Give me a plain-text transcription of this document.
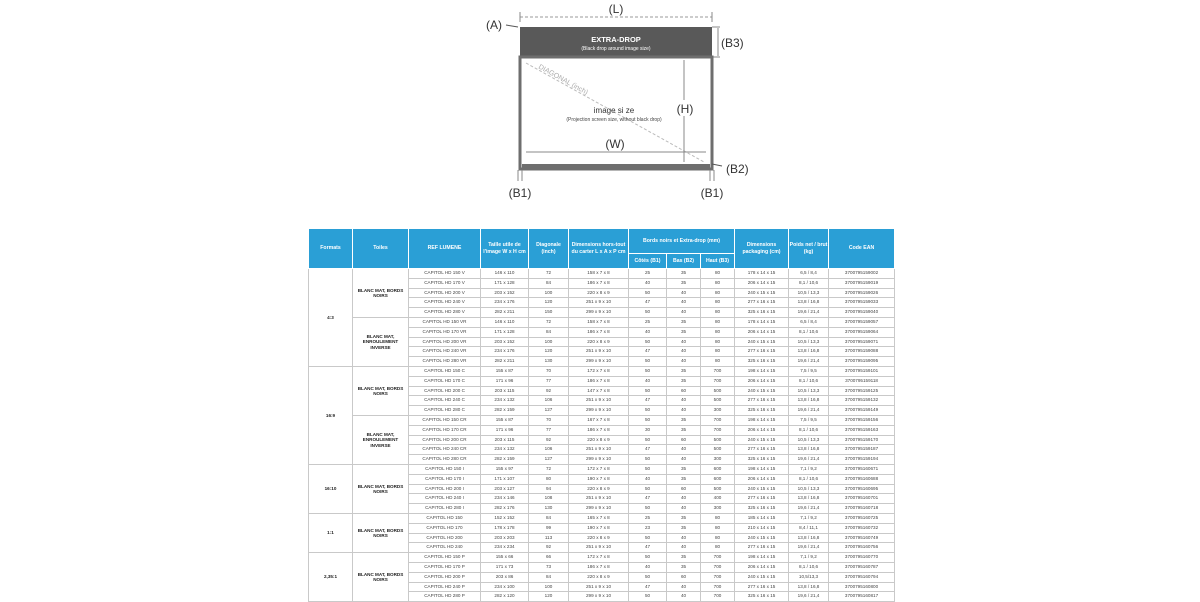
(L)
(A)
EXTRA-DROP
(Black drop around image size)	(B3)
DIAGONAL (inch)
image si ze
(Projection screen size, without black drop)
(H)
(W)
(B2)
(B1)	(B1)
Formats	Toiles	REF LUMENE	Taille utile de l'image W x H cm	Diagonale (inch)	Dimensions hors-tout du carter L x A x P cm	Bords noirs et Extra-drop (mm)			Dimensions packaging (cm)	Poids net / brut (kg)	Code EAN
						Côtés (B1)	Bas (B2)	Haut (B3)			
4:3	BLANC MAT, BORDS NOIRS	CAPITOL HD 150 V	146 x 110	72	158 x 7 x 8	25	35	80	178 x 14 x 15	6,5 / 8,4	3700795159002
		CAPITOL HD 170 V	171 x 128	84	186 x 7 x 8	40	35	80	206 x 14 x 15	8,1 / 10,6	3700795159019
		CAPITOL HD 200 V	203 x 152	100	220 x 8 x 9	50	40	80	240 x 15 x 15	10,5 / 13,3	3700795159026
		CAPITOL HD 240 V	234 x 176	120	251 x 9 x 10	47	40	80	277 x 16 x 15	13,8 / 16,8	3700795159033
		CAPITOL HD 280 V	282 x 211	150	299 x 9 x 10	50	40	80	325 x 16 x 15	19,6 / 21,4	3700795159040
	BLANC MAT, ENROULEMENT INVERSE	CAPITOL HD 150 VR	146 x 110	72	158 x 7 x 8	25	35	80	178 x 14 x 15	6,5 / 8,4	3700795159057
		CAPITOL HD 170 VR	171 x 128	84	186 x 7 x 8	40	35	80	206 x 14 x 15	8,1 / 10,6	3700795159064
		CAPITOL HD 200 VR	203 x 152	100	220 x 8 x 9	50	40	80	240 x 15 x 15	10,5 / 13,3	3700795159071
		CAPITOL HD 240 VR	234 x 176	120	251 x 9 x 10	47	40	80	277 x 16 x 15	13,8 / 16,8	3700795159088
		CAPITOL HD 280 VR	282 x 211	130	299 x 9 x 10	50	40	80	325 x 16 x 15	19,6 / 21,4	3700795159095
16:9	BLANC MAT, BORDS NOIRS	CAPITOL HD 150 C	155 x 87	70	172 x 7 x 8	50	35	700	198 x 14 x 15	7,5 / 9,5	3700795159101
		CAPITOL HD 170 C	171 x 96	77	186 x 7 x 8	40	35	700	206 x 14 x 15	8,1 / 10,6	3700795159118
		CAPITOL HD 200 C	203 x 115	92	147 x 7 x 8	50	60	500	240 x 15 x 15	10,5 / 13,3	3700795159125
		CAPITOL HD 240 C	234 x 132	106	251 x 9 x 10	47	40	500	277 x 16 x 15	13,8 / 16,8	3700795159132
		CAPITOL HD 280 C	282 x 159	127	299 x 9 x 10	50	40	300	325 x 16 x 15	19,6 / 21,4	3700795159149
	BLANC MAT, ENROULEMENT INVERSE	CAPITOL HD 150 CR	155 x 87	70	167 x 7 x 8	50	35	700	198 x 14 x 15	7,5 / 9,5	3700795159156
		CAPITOL HD 170 CR	171 x 96	77	186 x 7 x 8	30	35	700	206 x 14 x 15	8,1 / 10,6	3700795159163
		CAPITOL HD 200 CR	203 x 115	92	220 x 8 x 9	50	60	500	240 x 15 x 15	10,5 / 13,3	3700795159170
		CAPITOL HD 240 CR	234 x 132	106	251 x 9 x 10	47	40	500	277 x 16 x 15	13,8 / 16,8	3700795159187
		CAPITOL HD 280 CR	282 x 159	127	299 x 9 x 10	50	40	300	325 x 16 x 15	19,6 / 21,4	3700795159194
16:10	BLANC MAT, BORDS NOIRS	CAPITOL HD 150 I	155 x 97	72	172 x 7 x 8	50	35	600	198 x 14 x 15	7,1 / 9,2	3700795160671
		CAPITOL HD 170 I	171 x 107	80	190 x 7 x 8	40	35	600	206 x 14 x 15	8,1 / 10,6	3700795160688
		CAPITOL HD 200 I	203 x 127	94	220 x 8 x 9	50	60	500	240 x 15 x 15	10,5 / 13,3	3700795160695
		CAPITOL HD 240 I	234 x 146	108	251 x 9 x 10	47	40	400	277 x 16 x 15	13,8 / 16,8	3700795160701
		CAPITOL HD 280 I	282 x 176	130	299 x 9 x 10	50	40	300	325 x 16 x 15	19,6 / 21,4	3700795160718
1:1	BLANC MAT, BORDS NOIRS	CAPITOL HD 150	152 x 152	84	165 x 7 x 8	25	35	80	185 x 14 x 15	7,1 / 9,2	3700795160725
		CAPITOL HD 170	178 x 178	99	190 x 7 x 8	23	35	80	210 x 14 x 15	8,4 / 11,1	3700795160732
		CAPITOL HD 200	203 x 203	113	220 x 8 x 9	50	40	80	240 x 15 x 15	13,8 / 16,8	3700795160749
		CAPITOL HD 240	234 x 234	92	251 x 9 x 10	47	40	80	277 x 16 x 15	19,6 / 21,4	3700795160756
2,35:1	BLANC MAT, BORDS NOIRS	CAPITOL HD 150 P	155 x 66	66	172 x 7 x 8	50	35	700	198 x 14 x 15	7,1 / 9,2	3700795160770
		CAPITOL HD 170 P	171 x 73	73	186 x 7 x 8	40	35	700	206 x 14 x 15	8,1 / 10,6	3700795160787
		CAPITOL HD 200 P	203 x 86	84	220 x 8 x 9	50	60	700	240 x 15 x 15	10,5/13,3	3700795160794
		CAPITOL HD 240 P	234 x 100	100	251 x 9 x 10	47	40	700	277 x 16 x 15	13,8 / 16,8	3700795160800
		CAPITOL HD 280 P	282 x 120	120	299 x 9 x 10	50	40	700	325 x 16 x 15	19,6 / 21,4	3700795160817
